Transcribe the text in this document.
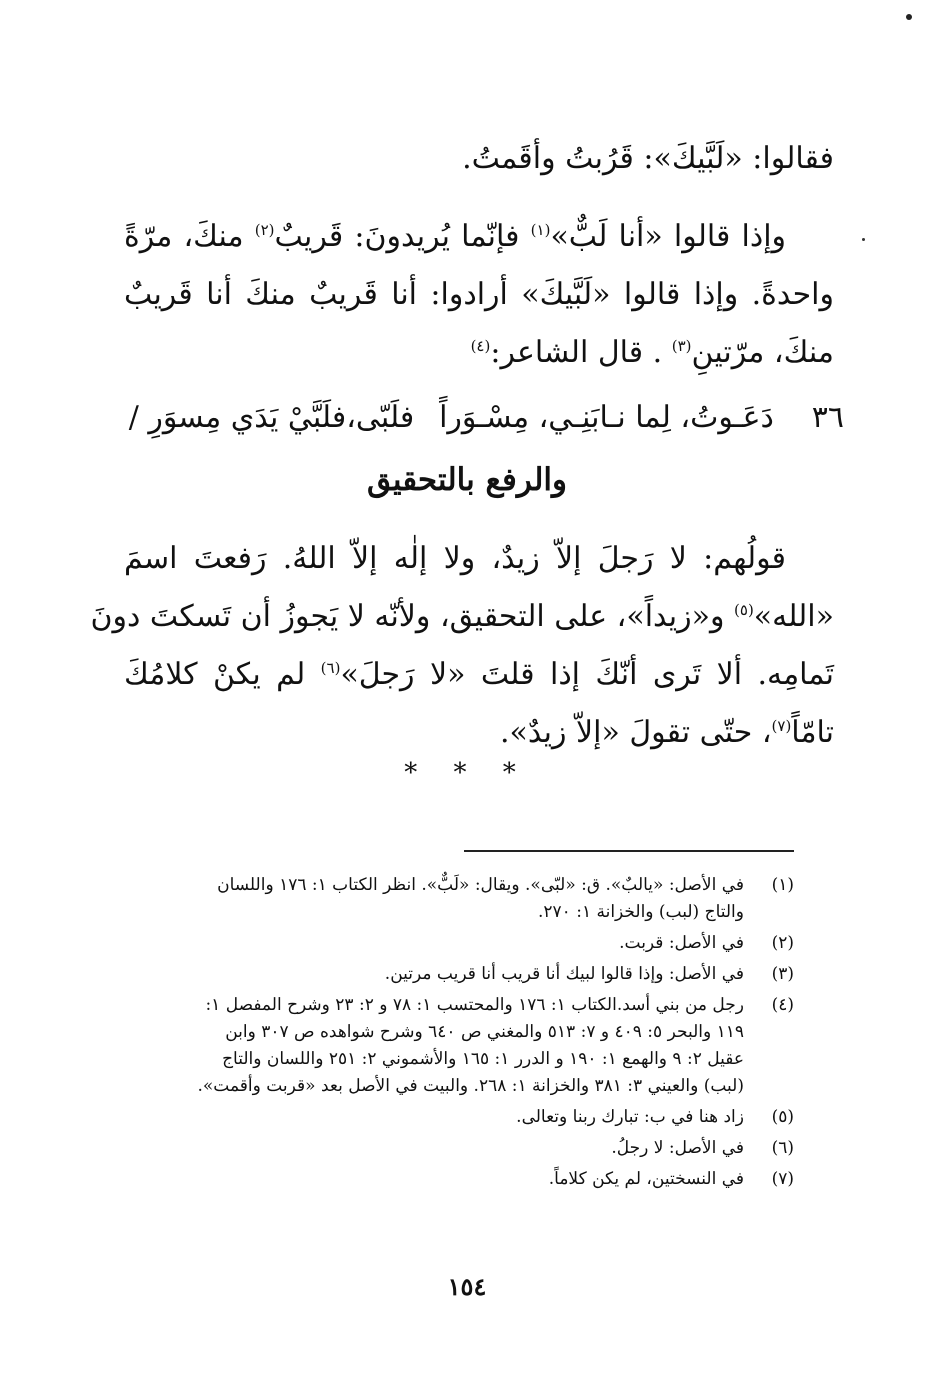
فقالوا: «لَبَّيكَ»: قَرُبتُ وأقَمتُ.
وإذا قالوا «أنا لَبٌّ»$^{(١)}$ فإنّما يُريدونَ: قَريبٌ$^{(٢)}$ منكَ، مرّةً
واحدةً. وإذا قالوا «لَبَّيكَ» أرادوا: أنا قَريبٌ منكَ أنا قَريبٌ
منكَ، مرّتينِ$^{(٣)}$ . قال الشاعر:$^{(٤)}$
٣٦
دَعَـوتُ، لِما نـابَنِـي، مِسْـوَراً
فلَبّى،فلَبَّيْ يَدَي مِسوَرِ /
والرفع بالتحقيق
قولُهم: لا رَجلَ إلاّ زيدٌ، ولا إلٰه إلاّ اللهُ. رَفعتَ اسمَ
«الله»$^{(٥)}$ و«زيداً»، على التحقيق، ولأنّه لا يَجوزُ أن تَسكتَ دونَ
تَمامِه. ألا تَرى أنّكَ إذا قلتَ «لا رَجلَ»$^{(٦)}$ لم يكنْ كلامُكَ
تامّاً$^{(٧)}$، حتّى تقولَ «إلاّ زيدٌ».
* * *
(١)
في الأصل: «يالبٌ». ق: «لبّى». ويقال: «لَبٌّ». انظر الكتاب ١: ١٧٦ واللسان
والتاج (لبب) والخزانة ١: ٢٧٠.
(٢)
في الأصل: قربت.
(٣)
في الأصل: وإذا قالوا لبيك أنا قريب أنا قريب مرتين.
(٤)
رجل من بني أسد.الكتاب ١: ١٧٦ والمحتسب ١: ٧٨ و ٢: ٢٣ وشرح المفصل ١:
١١٩ والبحر ٥: ٤٠٩ و ٧: ٥١٣ والمغني ص ٦٤٠ وشرح شواهده ص ٣٠٧ وابن
عقيل ٢: ٩ والهمع ١: ١٩٠ و الدرر ١: ١٦٥ والأشموني ٢: ٢٥١ واللسان والتاج
(لبب) والعيني ٣: ٣٨١ والخزانة ١: ٢٦٨. والبيت في الأصل بعد «قربت وأقمت».
(٥)
زاد هنا في ب: تبارك ربنا وتعالى.
(٦)
في الأصل: لا رجلُ.
(٧)
في النسختين، لم يكن كلاماً.
١٥٤
